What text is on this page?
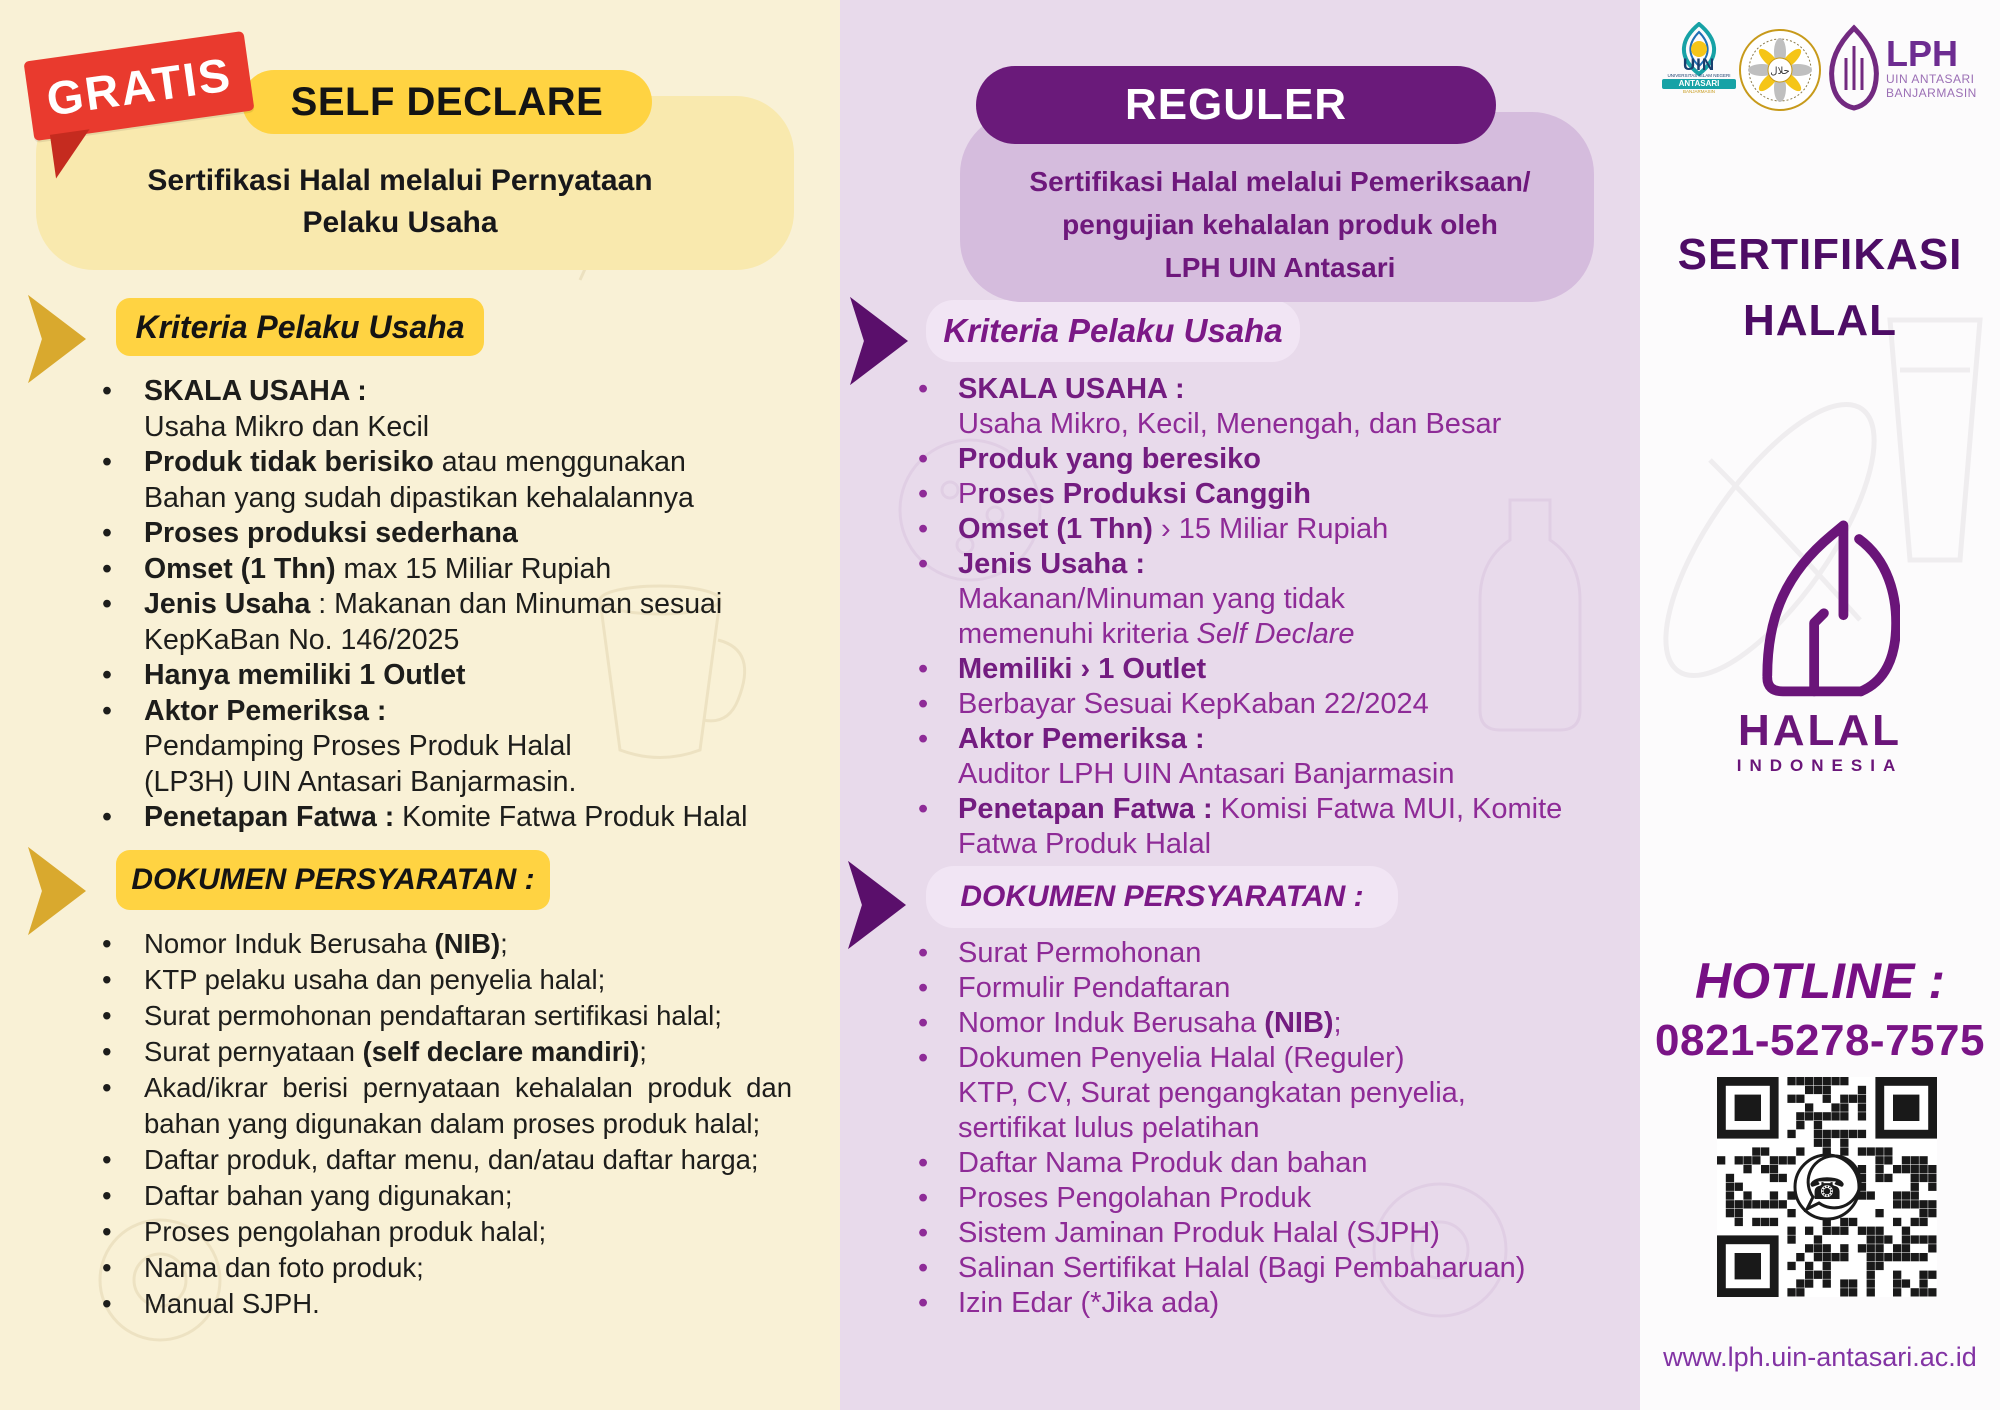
GRATIS SELF DECLARE
Sertifikasi Halal melalui Pernyataan
Pelaku Usaha
Kriteria Pelaku Usaha
• SKALA USAHA :
Usaha Mikro dan Kecil
• Produk tidak berisiko atau menggunakan
Bahan yang sudah dipastikan kehalalannya
• Proses produksi sederhana
• Omset (1 Thn) max 15 Miliar Rupiah
• Jenis Usaha : Makanan dan Minuman sesuai
KepKaBan No. 146/2025
• Hanya memiliki 1 Outlet
• Aktor Pemeriksa :
Pendamping Proses Produk Halal
(LP3H) UIN Antasari Banjarmasin.
• Penetapan Fatwa : Komite Fatwa Produk Halal
DOKUMEN PERSYARATAN :
• Nomor Induk Berusaha (NIB);
• KTP pelaku usaha dan penyelia halal;
• Surat permohonan pendaftaran sertifikasi halal;
• Surat pernyataan (self declare mandiri);
• Akad/ikrar berisi pernyataan kehalalan produk dan bahan yang digunakan dalam proses produk halal;
• Daftar produk, daftar menu, dan/atau daftar harga;
• Daftar bahan yang digunakan;
• Proses pengolahan produk halal;
• Nama dan foto produk;
• Manual SJPH.
REGULER
Sertifikasi Halal melalui Pemeriksaan/
pengujian kehalalan produk oleh
LPH UIN Antasari
Kriteria Pelaku Usaha
• SKALA USAHA :
Usaha Mikro, Kecil, Menengah, dan Besar
• Produk yang beresiko
• Proses Produksi Canggih
• Omset (1 Thn) › 15 Miliar Rupiah
• Jenis Usaha :
Makanan/Minuman yang tidak
memenuhi kriteria Self Declare
• Memiliki › 1 Outlet
• Berbayar Sesuai KepKaban 22/2024
• Aktor Pemeriksa :
Auditor LPH UIN Antasari Banjarmasin
• Penetapan Fatwa : Komisi Fatwa MUI, Komite
Fatwa Produk Halal
DOKUMEN PERSYARATAN :
• Surat Permohonan
• Formulir Pendaftaran
• Nomor Induk Berusaha (NIB);
• Dokumen Penyelia Halal (Reguler)
KTP, CV, Surat pengangkatan penyelia,
sertifikat lulus pelatihan
• Daftar Nama Produk dan bahan
• Proses Pengolahan Produk
• Sistem Jaminan Produk Halal (SJPH)
• Salinan Sertifikat Halal (Bagi Pembaharuan)
• Izin Edar (*Jika ada)
UIN
UNIVERSITAS ISLAM NEGERI
ANTASARI
BANJARMASIN
حلال	LPH
UIN ANTASARI
BANJARMASIN
SERTIFIKASI
HALAL
HALAL
INDONESIA
HOTLINE :
0821-5278-7575
☎
www.lph.uin-antasari.ac.id
